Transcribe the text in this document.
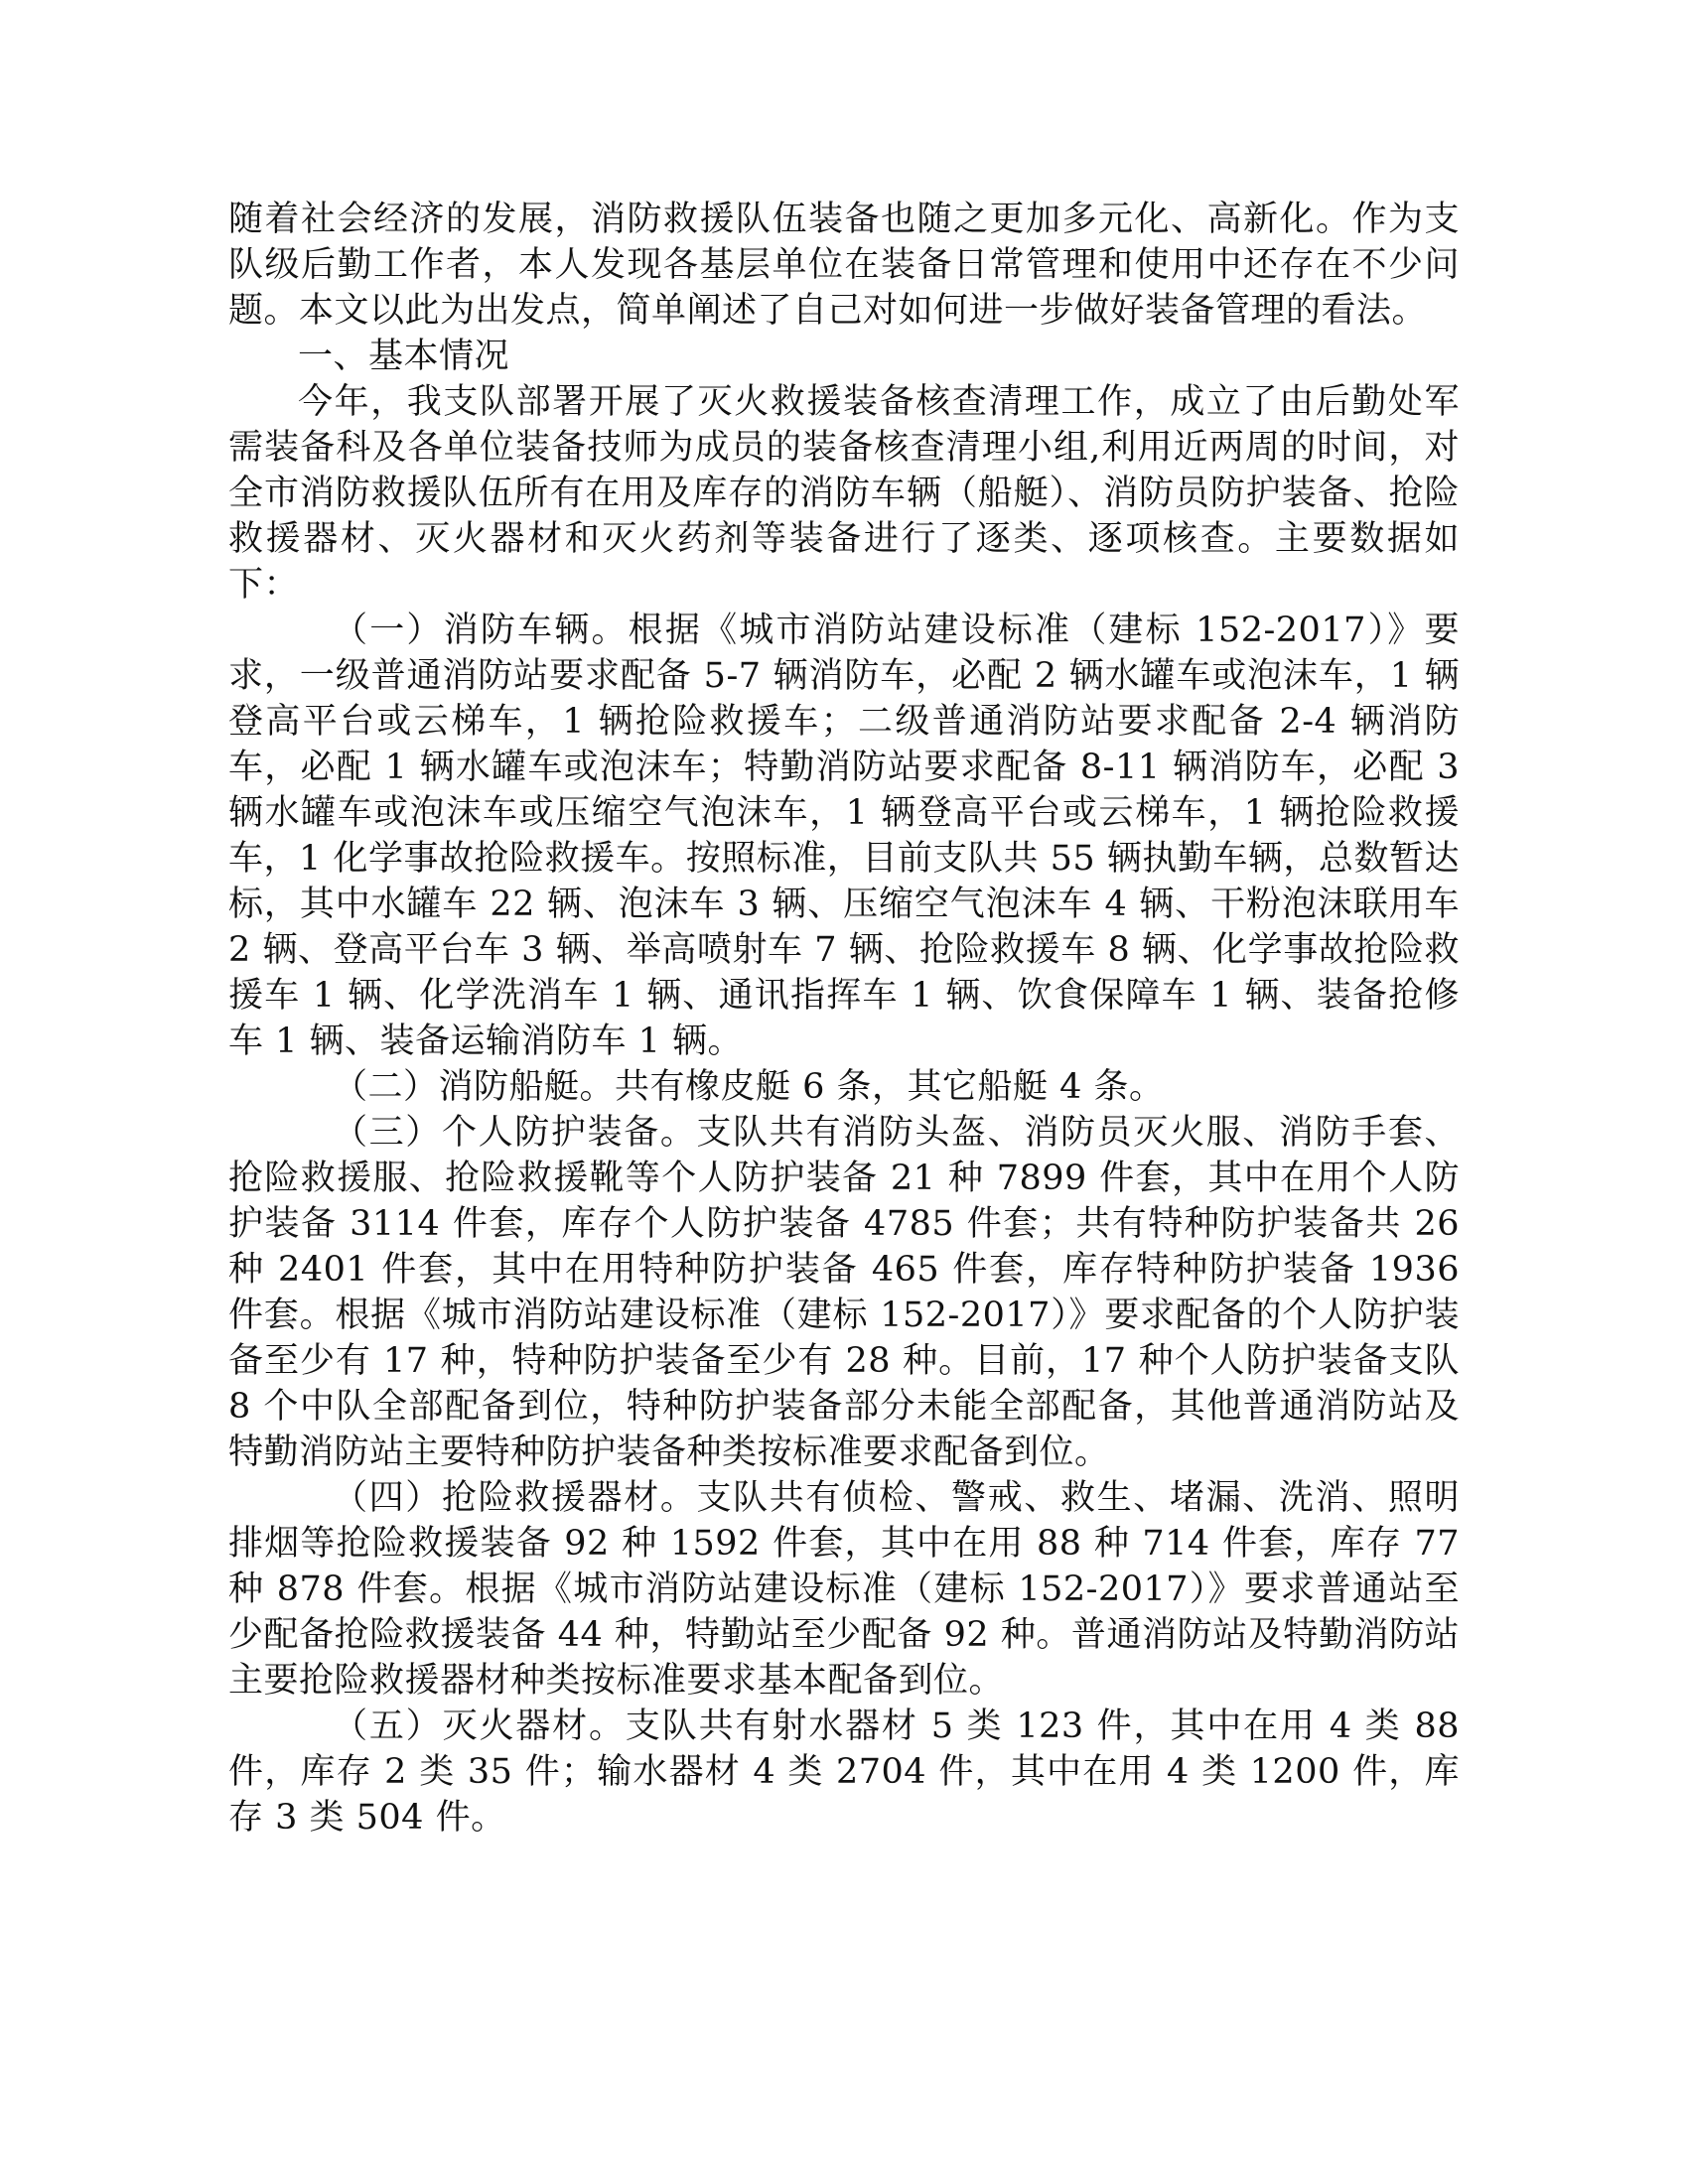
随着社会经济的发展，消防救援队伍装备也随之更加多元化、高新化。作为支队级后勤工作者，本人发现各基层单位在装备日常管理和使用中还存在不少问题。本文以此为出发点，简单阐述了自己对如何进一步做好装备管理的看法。

一、基本情况

今年，我支队部署开展了灭火救援装备核查清理工作，成立了由后勤处军需装备科及各单位装备技师为成员的装备核查清理小组,利用近两周的时间，对全市消防救援队伍所有在用及库存的消防车辆（船艇）、消防员防护装备、抢险救援器材、灭火器材和灭火药剂等装备进行了逐类、逐项核查。主要数据如下：

（一）消防车辆。根据《城市消防站建设标准（建标 152-2017）》要求，一级普通消防站要求配备 5-7 辆消防车，必配 2 辆水罐车或泡沫车，1 辆登高平台或云梯车，1 辆抢险救援车；二级普通消防站要求配备 2-4 辆消防车，必配 1 辆水罐车或泡沫车；特勤消防站要求配备 8-11 辆消防车，必配 3 辆水罐车或泡沫车或压缩空气泡沫车，1 辆登高平台或云梯车，1 辆抢险救援车，1 化学事故抢险救援车。按照标准，目前支队共 55 辆执勤车辆，总数暂达标，其中水罐车 22 辆、泡沫车 3 辆、压缩空气泡沫车 4 辆、干粉泡沫联用车 2 辆、登高平台车 3 辆、举高喷射车 7 辆、抢险救援车 8 辆、化学事故抢险救援车 1 辆、化学洗消车 1 辆、通讯指挥车 1 辆、饮食保障车 1 辆、装备抢修车 1 辆、装备运输消防车 1 辆。

（二）消防船艇。共有橡皮艇 6 条，其它船艇 4 条。

（三）个人防护装备。支队共有消防头盔、消防员灭火服、消防手套、抢险救援服、抢险救援靴等个人防护装备 21 种 7899 件套，其中在用个人防护装备 3114 件套，库存个人防护装备 4785 件套；共有特种防护装备共 26 种 2401 件套，其中在用特种防护装备 465 件套，库存特种防护装备 1936 件套。根据《城市消防站建设标准（建标 152-2017）》要求配备的个人防护装备至少有 17 种，特种防护装备至少有 28 种。目前，17 种个人防护装备支队 8 个中队全部配备到位，特种防护装备部分未能全部配备，其他普通消防站及特勤消防站主要特种防护装备种类按标准要求配备到位。

（四）抢险救援器材。支队共有侦检、警戒、救生、堵漏、洗消、照明排烟等抢险救援装备 92 种 1592 件套，其中在用 88 种 714 件套，库存 77 种 878 件套。根据《城市消防站建设标准（建标 152-2017）》要求普通站至少配备抢险救援装备 44 种，特勤站至少配备 92 种。普通消防站及特勤消防站主要抢险救援器材种类按标准要求基本配备到位。

（五）灭火器材。支队共有射水器材 5 类 123 件，其中在用 4 类 88 件，库存 2 类 35 件；输水器材 4 类 2704 件，其中在用 4 类 1200 件，库存 3 类 504 件。
